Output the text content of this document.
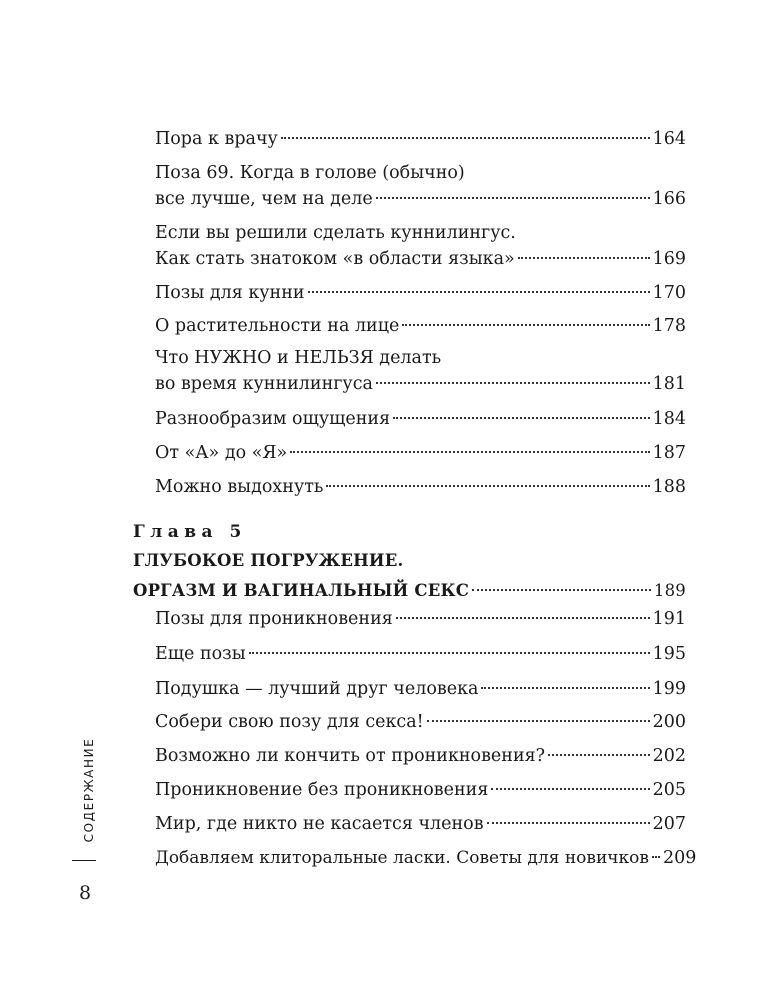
Пора к врачу	164
Поза 69. Когда в голове (обычно)
все лучше, чем на деле	166
Если вы решили сделать куннилингус.
Как стать знатоком «в области языка»	169
Позы для кунни	170
О растительности на лице	178
Что НУЖНО и НЕЛЬЗЯ делать
во время куннилингуса	181
Разнообразим ощущения	184
От «А» до «Я»	187
Можно выдохнуть	188
Глава 5
ГЛУБОКОЕ ПОГРУЖЕНИЕ.
ОРГАЗМ И ВАГИНАЛЬНЫЙ СЕКС	189
Позы для проникновения	191
Еще позы	195
Подушка — лучший друг человека	199
Собери свою позу для секса!	200
Возможно ли кончить от проникновения?	202
Проникновение без проникновения	205
Мир, где никто не касается членов	207
Добавляем клиторальные ласки. Советы для новичков 209
СОДЕРЖАНИЕ
8
